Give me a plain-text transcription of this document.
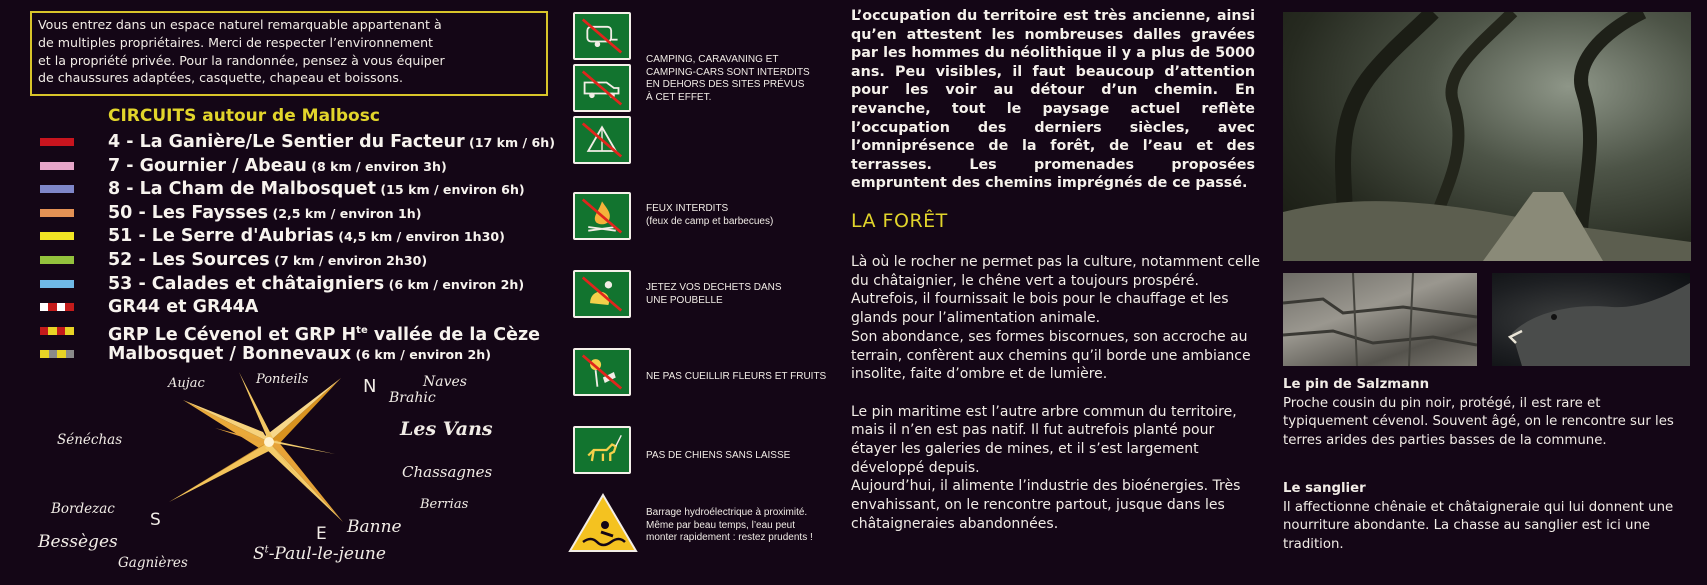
Vous entrez dans un espace naturel remarquable appartenant à
de multiples propriétaires. Merci de respecter l’environnement
et la propriété privée. Pour la randonnée, pensez à vous équiper
de chaussures adaptées, casquette, chapeau et boissons.
CIRCUITS autour de Malbosc
4 - La Ganière/Le Sentier du Facteur (17 km / 6h)
7 - Gournier / Abeau (8 km / environ 3h)
8 - La Cham de Malbosquet (15 km / environ 6h)
50 - Les Faysses (2,5 km / environ 1h)
51 - Le Serre d'Aubrias (4,5 km / environ 1h30)
52 - Les Sources (7 km / environ 2h30)
53 - Calades et châtaigniers (6 km / environ 2h)
GR44 et GR44A
GRP Le Cévenol et GRP $H^{te}$ vallée de la Cèze
Malbosquet / Bonnevaux (6 km / environ 2h)
Aujac	Ponteils	N	Naves
Brahic
Les Vans
Sénéchas
Chassagnes
Berrias
Bordezac
S
Bessèges
Banne
E
Gagnières	$S^t-Paul-le$-jeune
CAMPING, CARAVANING ET
CAMPING-CARS SONT INTERDITS
EN DEHORS DES SITES PRÉVUS
À CET EFFET.
FEUX INTERDITS
(feux de camp et barbecues)
JETEZ VOS DECHETS DANS
UNE POUBELLE
NE PAS CUEILLIR FLEURS ET FRUITS
PAS DE CHIENS SANS LAISSE
Barrage hydroélectrique à proximité.
Même par beau temps, l’eau peut
monter rapidement : restez prudents !
L’occupation du territoire est très ancienne, ainsi qu’en attestent les nombreuses dalles gravées par les hommes du néolithique il y a plus de 5000 ans. Peu visibles, il faut beaucoup d’attention pour les voir au détour d’un chemin. En revanche, tout le paysage actuel reflète l’occupation des derniers siècles, avec l’omniprésence de la forêt, de l’eau et des terrasses. Les promenades proposées empruntent des chemins imprégnés de ce passé.
LA FORÊT

Là où le rocher ne permet pas la culture, notamment celle du châtaignier, le chêne vert a toujours prospéré. Autrefois, il fournissait le bois pour le chauffage et les glands pour l’alimentation animale.

Son abondance, ses formes biscornues, son accroche au terrain, confèrent aux chemins qu’il borde une ambiance insolite, faite d’ombre et de lumière.

Le pin maritime est l’autre arbre commun du territoire, mais il n’en est pas natif. Il fut autrefois planté pour étayer les galeries de mines, et il s’est largement développé depuis.

Aujourd’hui, il alimente l’industrie des bioénergies. Très envahissant, on le rencontre partout, jusque dans les châtaigneraies abandonnées.

Le pin de Salzmann
Proche cousin du pin noir, protégé, il est rare et typiquement cévenol. Souvent âgé, on le rencontre sur les terres arides des parties basses de la commune.
Le sanglier
Il affectionne chênaie et châtaigneraie qui lui donnent une nourriture abondante. La chasse au sanglier est ici une tradition.
